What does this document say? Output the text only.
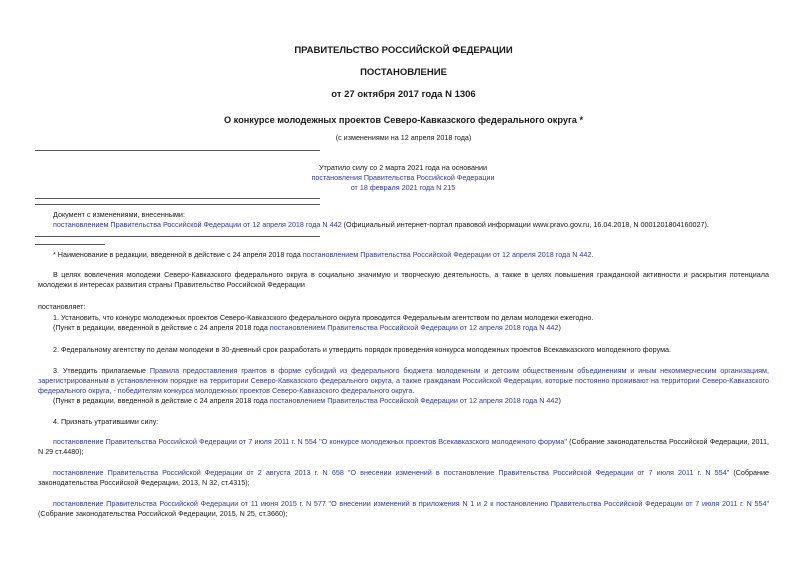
ПРАВИТЕЛЬСТВО РОССИЙСКОЙ ФЕДЕРАЦИИ
ПОСТАНОВЛЕНИЕ
от 27 октября 2017 года N 1306
О конкурсе молодежных проектов Северо-Кавказского федерального округа *
(с изменениями на 12 апреля 2018 года)
Утратило силу со 2 марта 2021 года на основании
постановления Правительства Российской Федерации
от 18 февраля 2021 года N 215
Документ с изменениями, внесенными:
постановлением Правительства Российской Федерации от 12 апреля 2018 года N 442 (Официальный интернет-портал правовой информации www.pravo.gov.ru, 16.04.2018, N 0001201804160027).
* Наименование в редакции, введенной в действие с 24 апреля 2018 года постановлением Правительства Российской Федерации от 12 апреля 2018 года N 442.
В целях вовлечения молодежи Северо-Кавказского федерального округа в социально значимую и творческую деятельность, а также в целях повышения гражданской активности и раскрытия потенциала молодежи в интересах развития страны Правительство Российской Федерации
постановляет:
1. Установить, что конкурс молодежных проектов Северо-Кавказского федерального округа проводится Федеральным агентством по делам молодежи ежегодно.
(Пункт в редакции, введенной в действие с 24 апреля 2018 года постановлением Правительства Российской Федерации от 12 апреля 2018 года N 442)
2. Федеральному агентству по делам молодежи в 30-дневный срок разработать и утвердить порядок проведения конкурса молодежных проектов Всекавказского молодежного форума.
3. Утвердить прилагаемые Правила предоставления грантов в форме субсидий из федерального бюджета молодежным и детским общественным объединениям и иным некоммерческим организациям, зарегистрированным в установленном порядке на территории Северо-Кавказского федерального округа, а также гражданам Российской Федерации, которые постоянно проживают на территории Северо-Кавказского федерального округа, - победителям конкурса молодежных проектов Северо-Кавказского федерального округа.
(Пункт в редакции, введенной в действие с 24 апреля 2018 года постановлением Правительства Российской Федерации от 12 апреля 2018 года N 442)
4. Признать утратившими силу:
постановление Правительства Российской Федерации от 7 июля 2011 г. N 554 "О конкурсе молодежных проектов Всекавказского молодежного форума" (Собрание законодательства Российской Федерации, 2011, N 29 ст.4480);
постановление Правительства Российской Федерации от 2 августа 2013 г. N 658 "О внесении изменений в постановление Правительства Российской Федерации от 7 июля 2011 г. N 554" (Собрание законодательства Российской Федерации, 2013, N 32, ст.4315);
постановление Правительства Российской Федерации от 11 июня 2015 г. N 577 "О внесении изменений в приложения N 1 и 2 к постановлению Правительства Российской Федерации от 7 июля 2011 г. N 554" (Собрание законодательства Российской Федерации, 2015, N 25, ст.3660);
